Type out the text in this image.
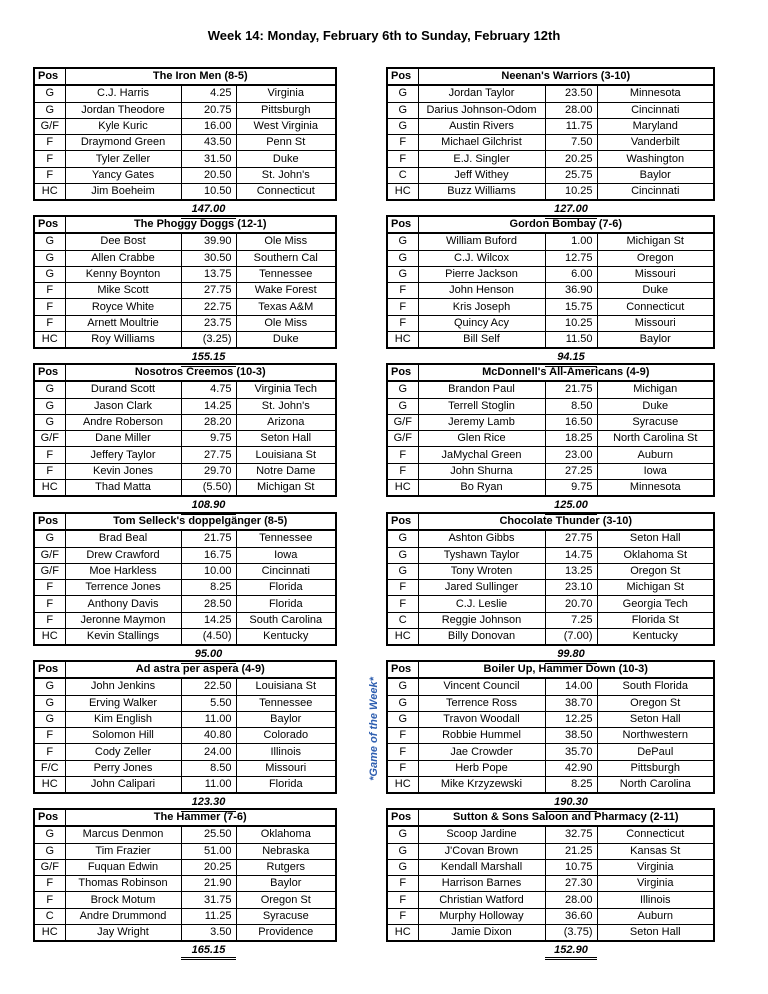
Week 14: Monday, February 6th to Sunday, February 12th
Pos	The Iron Men (8-5)		
G	C.J. Harris	4.25	Virginia
G	Jordan Theodore	20.75	Pittsburgh
G/F	Kyle Kuric	16.00	West Virginia
F	Draymond Green	43.50	Penn St
F	Tyler Zeller	31.50	Duke
F	Yancy Gates	20.50	St. John's
HC	Jim Boeheim	10.50	Connecticut
		147.00	
Pos	Neenan's Warriors (3-10)		
G	Jordan Taylor	23.50	Minnesota
G	Darius Johnson-Odom	28.00	Cincinnati
G	Austin Rivers	11.75	Maryland
F	Michael Gilchrist	7.50	Vanderbilt
F	E.J. Singler	20.25	Washington
C	Jeff Withey	25.75	Baylor
HC	Buzz Williams	10.25	Cincinnati
		127.00	
Pos	The Phoggy Doggs (12-1)		
G	Dee Bost	39.90	Ole Miss
G	Allen Crabbe	30.50	Southern Cal
G	Kenny Boynton	13.75	Tennessee
F	Mike Scott	27.75	Wake Forest
F	Royce White	22.75	Texas A&M
F	Arnett Moultrie	23.75	Ole Miss
HC	Roy Williams	(3.25)	Duke
		155.15	
Pos	Gordon Bombay (7-6)		
G	William Buford	1.00	Michigan St
G	C.J. Wilcox	12.75	Oregon
G	Pierre Jackson	6.00	Missouri
F	John Henson	36.90	Duke
F	Kris Joseph	15.75	Connecticut
F	Quincy Acy	10.25	Missouri
HC	Bill Self	11.50	Baylor
		94.15	
Pos	Nosotros Creemos (10-3)		
G	Durand Scott	4.75	Virginia Tech
G	Jason Clark	14.25	St. John's
G	Andre Roberson	28.20	Arizona
G/F	Dane Miller	9.75	Seton Hall
F	Jeffery Taylor	27.75	Louisiana St
F	Kevin Jones	29.70	Notre Dame
HC	Thad Matta	(5.50)	Michigan St
		108.90	
Pos	McDonnell's All-Americans (4-9)		
G	Brandon Paul	21.75	Michigan
G	Terrell Stoglin	8.50	Duke
G/F	Jeremy Lamb	16.50	Syracuse
G/F	Glen Rice	18.25	North Carolina St
F	JaMychal Green	23.00	Auburn
F	John Shurna	27.25	Iowa
HC	Bo Ryan	9.75	Minnesota
		125.00	
Pos	Tom Selleck's doppelgänger (8-5)		
G	Brad Beal	21.75	Tennessee
G/F	Drew Crawford	16.75	Iowa
G/F	Moe Harkless	10.00	Cincinnati
F	Terrence Jones	8.25	Florida
F	Anthony Davis	28.50	Florida
F	Jeronne Maymon	14.25	South Carolina
HC	Kevin Stallings	(4.50)	Kentucky
		95.00	
Pos	Chocolate Thunder (3-10)		
G	Ashton Gibbs	27.75	Seton Hall
G	Tyshawn Taylor	14.75	Oklahoma St
G	Tony Wroten	13.25	Oregon St
F	Jared Sullinger	23.10	Michigan St
F	C.J. Leslie	20.70	Georgia Tech
C	Reggie Johnson	7.25	Florida St
HC	Billy Donovan	(7.00)	Kentucky
		99.80	
Pos	Ad astra per aspera (4-9)		
G	John Jenkins	22.50	Louisiana St
G	Erving Walker	5.50	Tennessee
G	Kim English	11.00	Baylor
F	Solomon Hill	40.80	Colorado
F	Cody Zeller	24.00	Illinois
F/C	Perry Jones	8.50	Missouri
HC	John Calipari	11.00	Florida
		123.30	
Pos	Boiler Up, Hammer Down (10-3)		
G	Vincent Council	14.00	South Florida
G	Terrence Ross	38.70	Oregon St
G	Travon Woodall	12.25	Seton Hall
F	Robbie Hummel	38.50	Northwestern
F	Jae Crowder	35.70	DePaul
F	Herb Pope	42.90	Pittsburgh
HC	Mike Krzyzewski	8.25	North Carolina
		190.30	
Pos	The Hammer (7-6)		
G	Marcus Denmon	25.50	Oklahoma
G	Tim Frazier	51.00	Nebraska
G/F	Fuquan Edwin	20.25	Rutgers
F	Thomas Robinson	21.90	Baylor
F	Brock Motum	31.75	Oregon St
C	Andre Drummond	11.25	Syracuse
HC	Jay Wright	3.50	Providence
		165.15	
Pos	Sutton & Sons Saloon and Pharmacy (2-11)		
G	Scoop Jardine	32.75	Connecticut
G	J'Covan Brown	21.25	Kansas St
G	Kendall Marshall	10.75	Virginia
F	Harrison Barnes	27.30	Virginia
F	Christian Watford	28.00	Illinois
F	Murphy Holloway	36.60	Auburn
HC	Jamie Dixon	(3.75)	Seton Hall
		152.90	
*Game of the Week*
